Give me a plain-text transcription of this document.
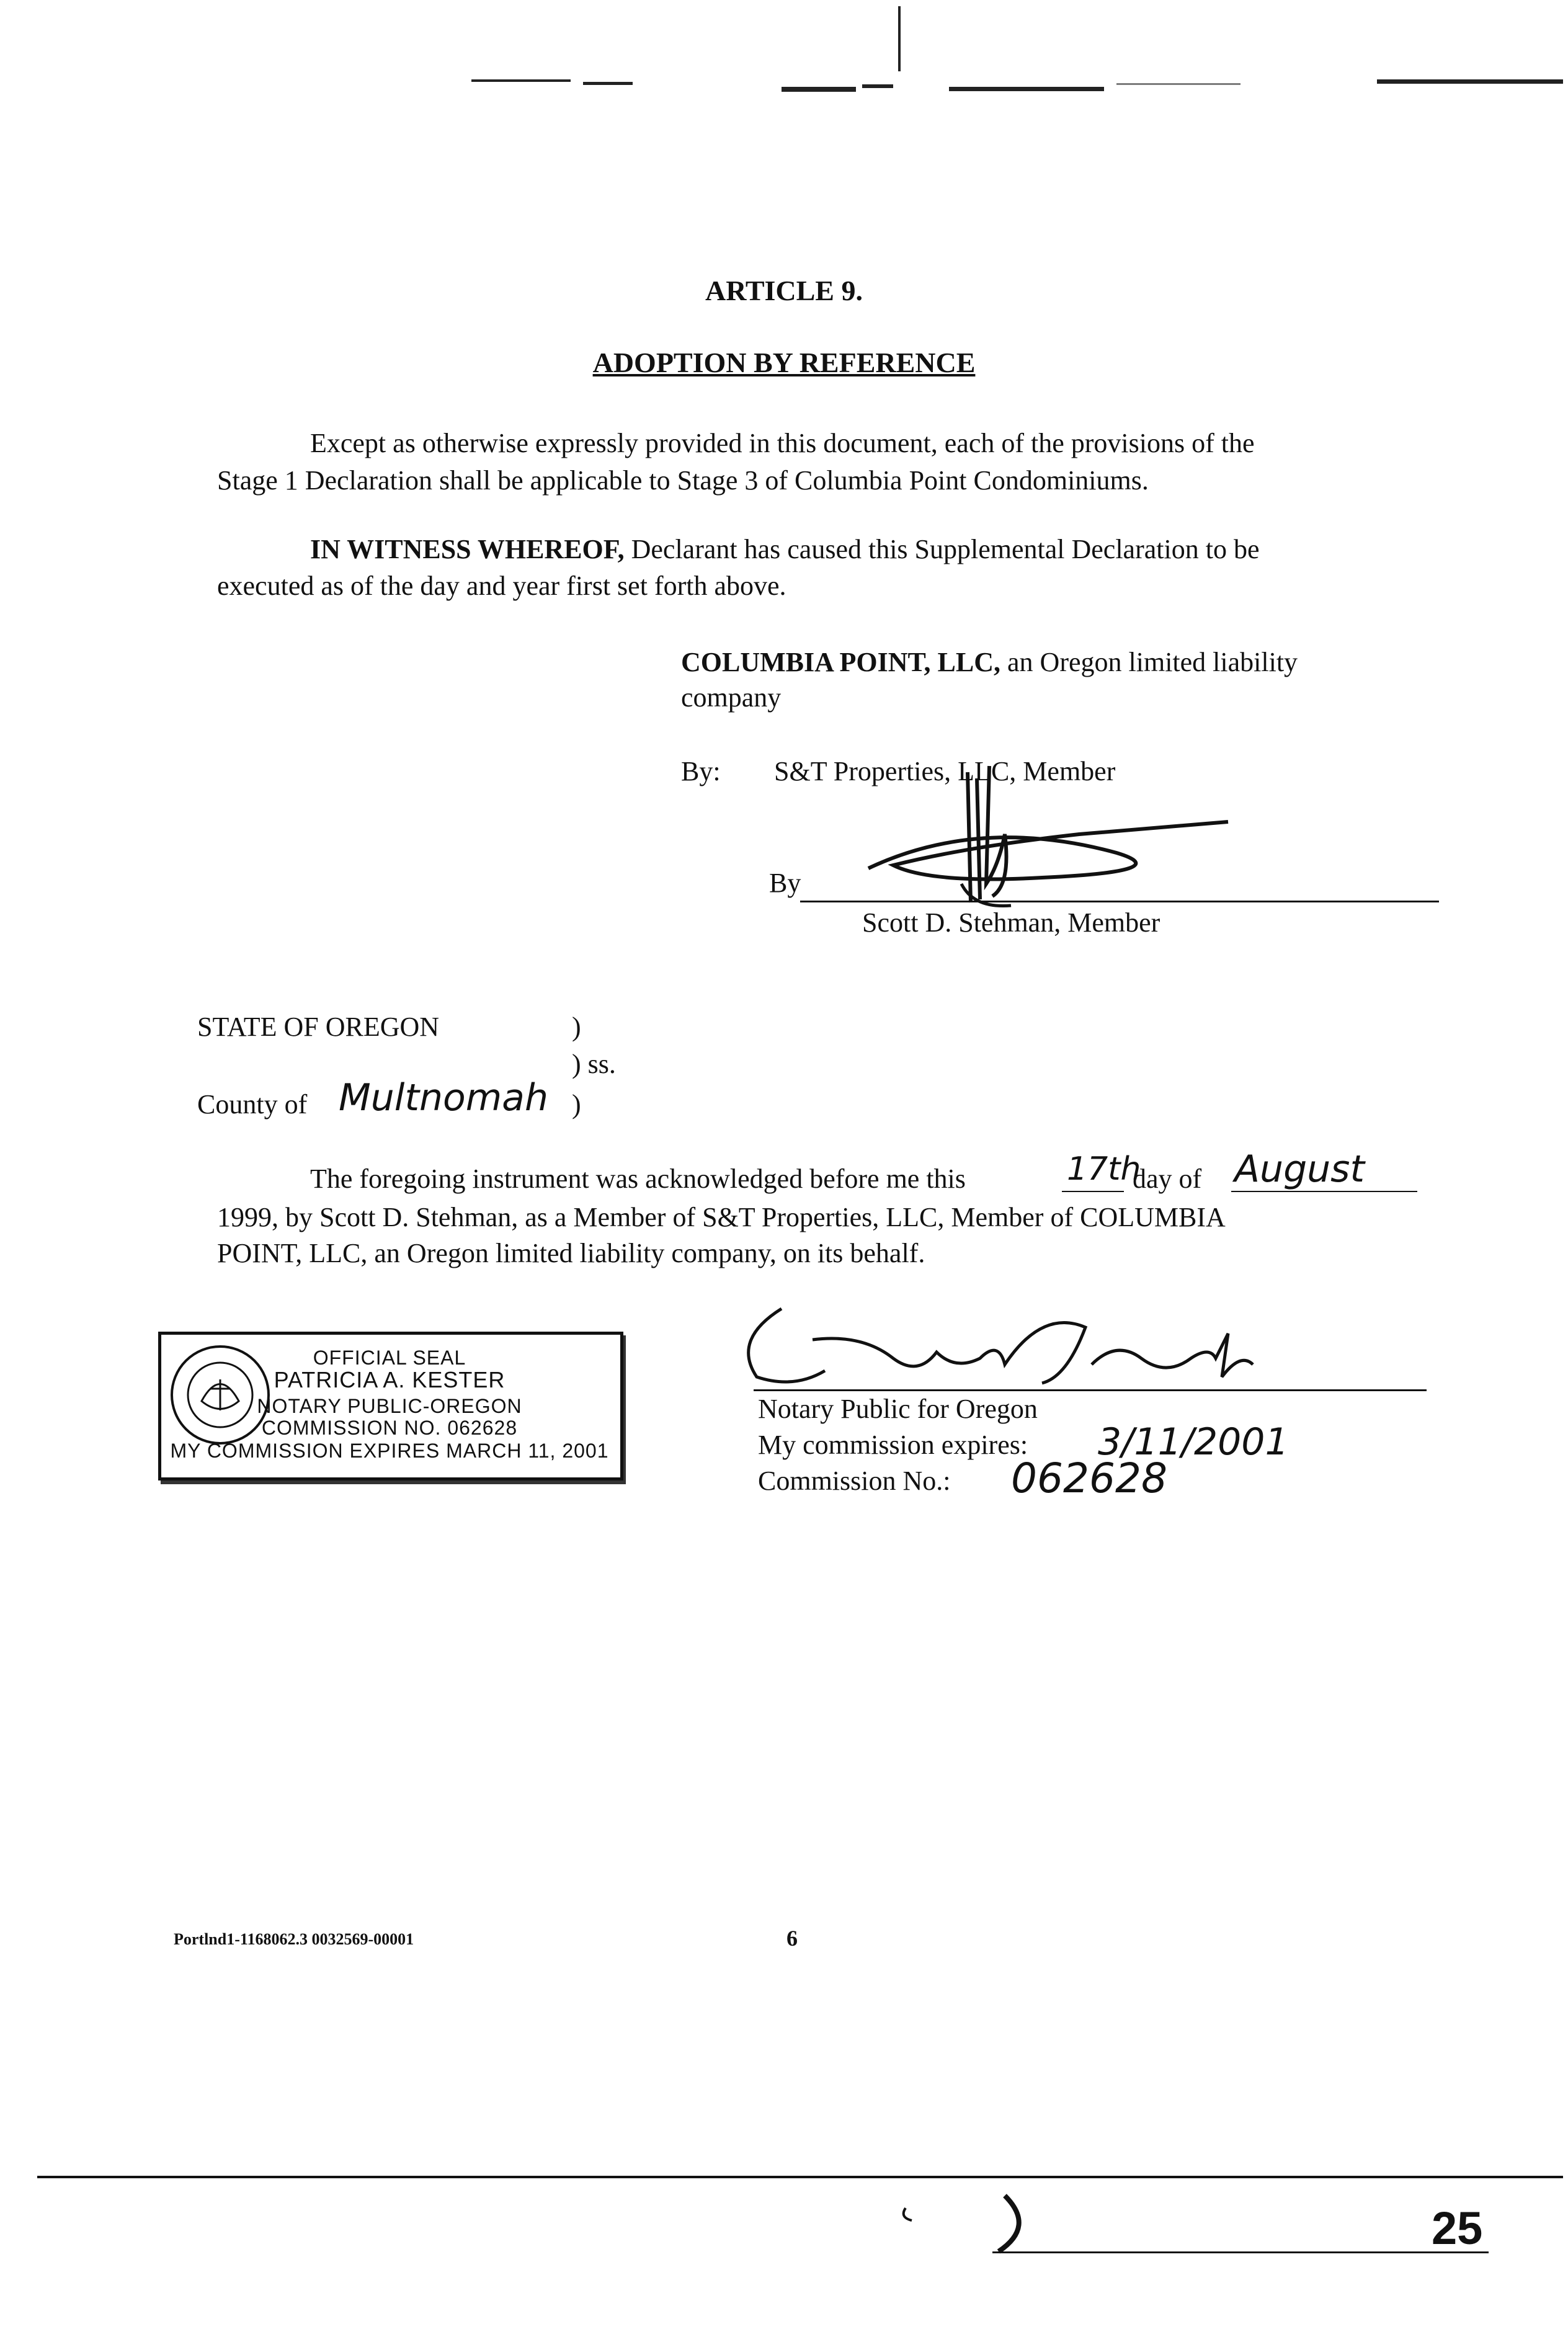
ARTICLE 9.
ADOPTION BY REFERENCE
Except as otherwise expressly provided in this document, each of the provisions of the
Stage 1 Declaration shall be applicable to Stage 3 of Columbia Point Condominiums.
IN WITNESS WHEREOF, Declarant has caused this Supplemental Declaration to be
executed as of the day and year first set forth above.
COLUMBIA POINT, LLC, an Oregon limited liability
company
By: S&T Properties, LLC, Member
By
Scott D. Stehman, Member
STATE OF OREGON	)
) ss.
County of Multnomah )
The foregoing instrument was acknowledged before me this	17th
day of August
1999, by Scott D. Stehman, as a Member of S&T Properties, LLC, Member of COLUMBIA
POINT, LLC, an Oregon limited liability company, on its behalf.
OFFICIAL SEAL
PATRICIA A. KESTER
NOTARY PUBLIC-OREGON
COMMISSION NO. 062628
MY COMMISSION EXPIRES MARCH 11, 2001
Notary Public for Oregon
My commission expires: 3/11/2001
Commission No.: 062628
Portlnd1-1168062.3 0032569-00001	6
25
